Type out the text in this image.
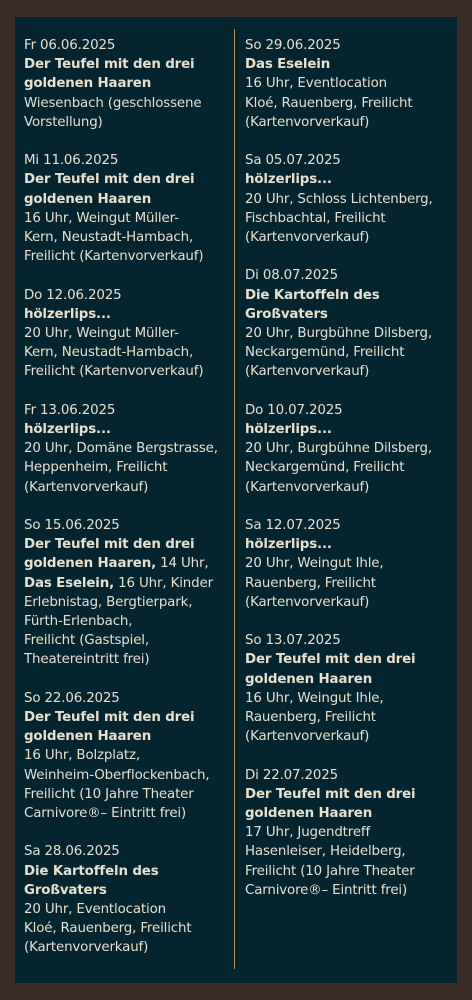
Fr 06.06.2025
Der Teufel mit den drei
goldenen Haaren
Wiesenbach (geschlossene
Vorstellung)
Mi 11.06.2025
Der Teufel mit den drei
goldenen Haaren
16 Uhr, Weingut Müller-
Kern, Neustadt-Hambach,
Freilicht (Kartenvorverkauf)
Do 12.06.2025
hölzerlips...
20 Uhr, Weingut Müller-
Kern, Neustadt-Hambach,
Freilicht (Kartenvorverkauf)
Fr 13.06.2025
hölzerlips...
20 Uhr, Domäne Bergstrasse,
Heppenheim, Freilicht
(Kartenvorverkauf)
So 15.06.2025
Der Teufel mit den drei
goldenen Haaren, 14 Uhr,
Das Eselein, 16 Uhr, Kinder
Erlebnistag, Bergtierpark,
Fürth-Erlenbach,
Freilicht (Gastspiel,
Theatereintritt frei)
So 22.06.2025
Der Teufel mit den drei
goldenen Haaren
16 Uhr, Bolzplatz,
Weinheim-Oberflockenbach,
Freilicht (10 Jahre Theater
Carnivore®– Eintritt frei)
Sa 28.06.2025
Die Kartoffeln des
Großvaters
20 Uhr, Eventlocation
Kloé, Rauenberg, Freilicht
(Kartenvorverkauf)
So 29.06.2025
Das Eselein
16 Uhr, Eventlocation
Kloé, Rauenberg, Freilicht
(Kartenvorverkauf)
Sa 05.07.2025
hölzerlips...
20 Uhr, Schloss Lichtenberg,
Fischbachtal, Freilicht
(Kartenvorverkauf)
Di 08.07.2025
Die Kartoffeln des
Großvaters
20 Uhr, Burgbühne Dilsberg,
Neckargemünd, Freilicht
(Kartenvorverkauf)
Do 10.07.2025
hölzerlips...
20 Uhr, Burgbühne Dilsberg,
Neckargemünd, Freilicht
(Kartenvorverkauf)
Sa 12.07.2025
hölzerlips...
20 Uhr, Weingut Ihle,
Rauenberg, Freilicht
(Kartenvorverkauf)
So 13.07.2025
Der Teufel mit den drei
goldenen Haaren
16 Uhr, Weingut Ihle,
Rauenberg, Freilicht
(Kartenvorverkauf)
Di 22.07.2025
Der Teufel mit den drei
goldenen Haaren
17 Uhr, Jugendtreff
Hasenleiser, Heidelberg,
Freilicht (10 Jahre Theater
Carnivore®– Eintritt frei)
